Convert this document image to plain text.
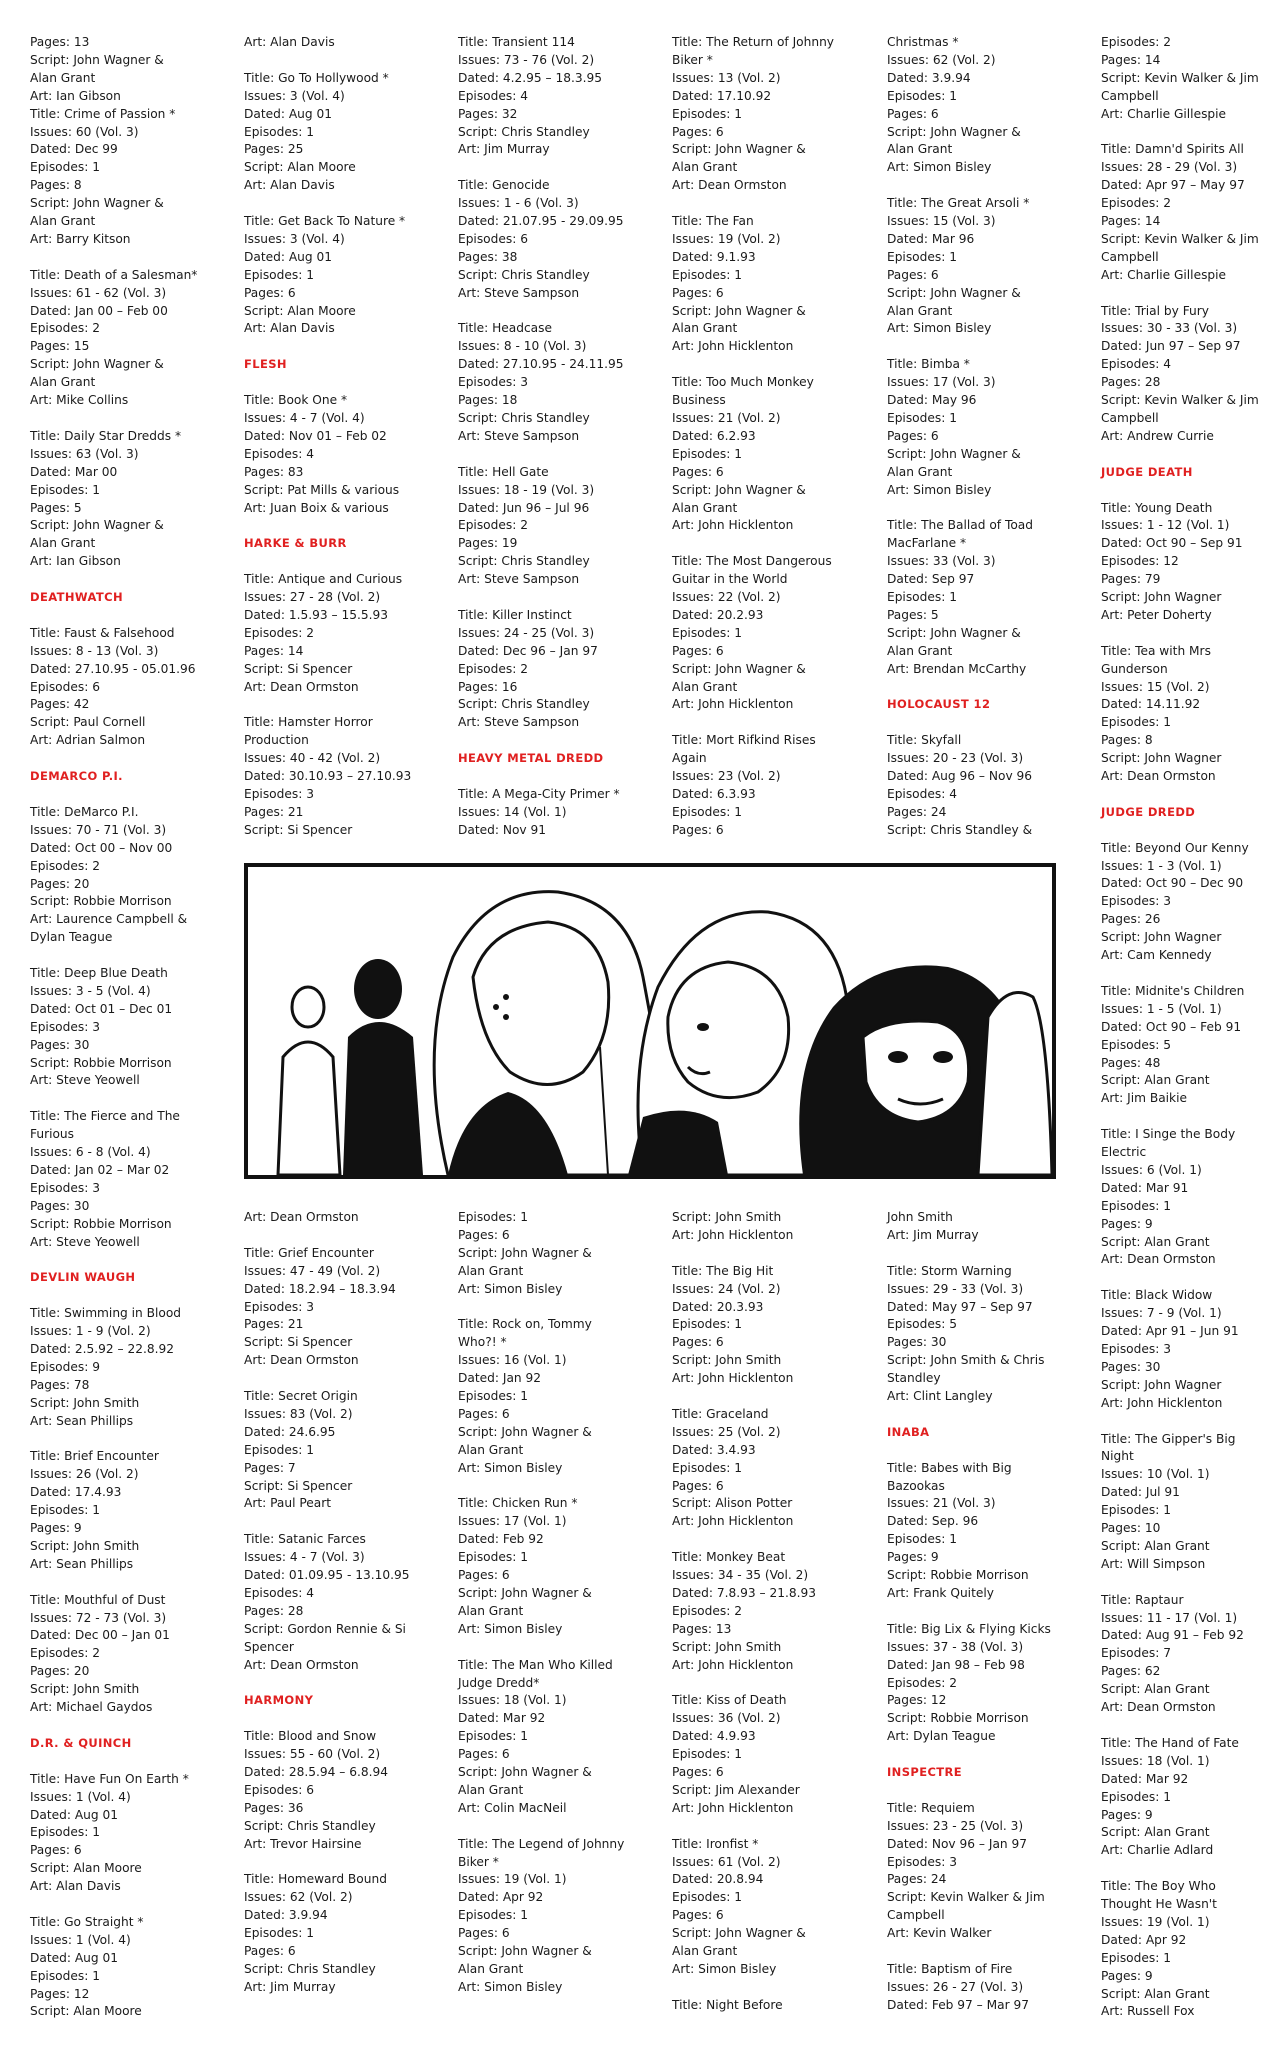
Pages: 13
Script: John Wagner &
Alan Grant
Art: Ian Gibson
Title: Crime of Passion *
Issues: 60 (Vol. 3)
Dated: Dec 99
Episodes: 1
Pages: 8
Script: John Wagner &
Alan Grant
Art: Barry Kitson
Title: Death of a Salesman*
Issues: 61 - 62 (Vol. 3)
Dated: Jan 00 – Feb 00
Episodes: 2
Pages: 15
Script: John Wagner &
Alan Grant
Art: Mike Collins
Title: Daily Star Dredds *
Issues: 63 (Vol. 3)
Dated: Mar 00
Episodes: 1
Pages: 5
Script: John Wagner &
Alan Grant
Art: Ian Gibson
DEATHWATCH
Title: Faust & Falsehood
Issues: 8 - 13 (Vol. 3)
Dated: 27.10.95 - 05.01.96
Episodes: 6
Pages: 42
Script: Paul Cornell
Art: Adrian Salmon
DEMARCO P.I.
Title: DeMarco P.I.
Issues: 70 - 71 (Vol. 3)
Dated: Oct 00 – Nov 00
Episodes: 2
Pages: 20
Script: Robbie Morrison
Art: Laurence Campbell &
Dylan Teague
Title: Deep Blue Death
Issues: 3 - 5 (Vol. 4)
Dated: Oct 01 – Dec 01
Episodes: 3
Pages: 30
Script: Robbie Morrison
Art: Steve Yeowell
Title: The Fierce and The
Furious
Issues: 6 - 8 (Vol. 4)
Dated: Jan 02 – Mar 02
Episodes: 3
Pages: 30
Script: Robbie Morrison
Art: Steve Yeowell
DEVLIN WAUGH
Title: Swimming in Blood
Issues: 1 - 9 (Vol. 2)
Dated: 2.5.92 – 22.8.92
Episodes: 9
Pages: 78
Script: John Smith
Art: Sean Phillips
Title: Brief Encounter
Issues: 26 (Vol. 2)
Dated: 17.4.93
Episodes: 1
Pages: 9
Script: John Smith
Art: Sean Phillips
Title: Mouthful of Dust
Issues: 72 - 73 (Vol. 3)
Dated: Dec 00 – Jan 01
Episodes: 2
Pages: 20
Script: John Smith
Art: Michael Gaydos
D.R. & QUINCH
Title: Have Fun On Earth *
Issues: 1 (Vol. 4)
Dated: Aug 01
Episodes: 1
Pages: 6
Script: Alan Moore
Art: Alan Davis
Title: Go Straight *
Issues: 1 (Vol. 4)
Dated: Aug 01
Episodes: 1
Pages: 12
Script: Alan Moore
Art: Alan Davis
Title: Go To Hollywood *
Issues: 3 (Vol. 4)
Dated: Aug 01
Episodes: 1
Pages: 25
Script: Alan Moore
Art: Alan Davis
Title: Get Back To Nature *
Issues: 3 (Vol. 4)
Dated: Aug 01
Episodes: 1
Pages: 6
Script: Alan Moore
Art: Alan Davis
FLESH
Title: Book One *
Issues: 4 - 7 (Vol. 4)
Dated: Nov 01 – Feb 02
Episodes: 4
Pages: 83
Script: Pat Mills & various
Art: Juan Boix & various
HARKE & BURR
Title: Antique and Curious
Issues: 27 - 28 (Vol. 2)
Dated: 1.5.93 – 15.5.93
Episodes: 2
Pages: 14
Script: Si Spencer
Art: Dean Ormston
Title: Hamster Horror
Production
Issues: 40 - 42 (Vol. 2)
Dated: 30.10.93 – 27.10.93
Episodes: 3
Pages: 21
Script: Si Spencer
Title: Transient 114
Issues: 73 - 76 (Vol. 2)
Dated: 4.2.95 – 18.3.95
Episodes: 4
Pages: 32
Script: Chris Standley
Art: Jim Murray
Title: Genocide
Issues: 1 - 6 (Vol. 3)
Dated: 21.07.95 - 29.09.95
Episodes: 6
Pages: 38
Script: Chris Standley
Art: Steve Sampson
Title: Headcase
Issues: 8 - 10 (Vol. 3)
Dated: 27.10.95 - 24.11.95
Episodes: 3
Pages: 18
Script: Chris Standley
Art: Steve Sampson
Title: Hell Gate
Issues: 18 - 19 (Vol. 3)
Dated: Jun 96 – Jul 96
Episodes: 2
Pages: 19
Script: Chris Standley
Art: Steve Sampson
Title: Killer Instinct
Issues: 24 - 25 (Vol. 3)
Dated: Dec 96 – Jan 97
Episodes: 2
Pages: 16
Script: Chris Standley
Art: Steve Sampson
HEAVY METAL DREDD
Title: A Mega-City Primer *
Issues: 14 (Vol. 1)
Dated: Nov 91
Title: The Return of Johnny
Biker *
Issues: 13 (Vol. 2)
Dated: 17.10.92
Episodes: 1
Pages: 6
Script: John Wagner &
Alan Grant
Art: Dean Ormston
Title: The Fan
Issues: 19 (Vol. 2)
Dated: 9.1.93
Episodes: 1
Pages: 6
Script: John Wagner &
Alan Grant
Art: John Hicklenton
Title: Too Much Monkey
Business
Issues: 21 (Vol. 2)
Dated: 6.2.93
Episodes: 1
Pages: 6
Script: John Wagner &
Alan Grant
Art: John Hicklenton
Title: The Most Dangerous
Guitar in the World
Issues: 22 (Vol. 2)
Dated: 20.2.93
Episodes: 1
Pages: 6
Script: John Wagner &
Alan Grant
Art: John Hicklenton
Title: Mort Rifkind Rises
Again
Issues: 23 (Vol. 2)
Dated: 6.3.93
Episodes: 1
Pages: 6
Christmas *
Issues: 62 (Vol. 2)
Dated: 3.9.94
Episodes: 1
Pages: 6
Script: John Wagner &
Alan Grant
Art: Simon Bisley
Title: The Great Arsoli *
Issues: 15 (Vol. 3)
Dated: Mar 96
Episodes: 1
Pages: 6
Script: John Wagner &
Alan Grant
Art: Simon Bisley
Title: Bimba *
Issues: 17 (Vol. 3)
Dated: May 96
Episodes: 1
Pages: 6
Script: John Wagner &
Alan Grant
Art: Simon Bisley
Title: The Ballad of Toad
MacFarlane *
Issues: 33 (Vol. 3)
Dated: Sep 97
Episodes: 1
Pages: 5
Script: John Wagner &
Alan Grant
Art: Brendan McCarthy
HOLOCAUST 12
Title: Skyfall
Issues: 20 - 23 (Vol. 3)
Dated: Aug 96 – Nov 96
Episodes: 4
Pages: 24
Script: Chris Standley &
Episodes: 2
Pages: 14
Script: Kevin Walker & Jim
Campbell
Art: Charlie Gillespie
Title: Damn'd Spirits All
Issues: 28 - 29 (Vol. 3)
Dated: Apr 97 – May 97
Episodes: 2
Pages: 14
Script: Kevin Walker & Jim
Campbell
Art: Charlie Gillespie
Title: Trial by Fury
Issues: 30 - 33 (Vol. 3)
Dated: Jun 97 – Sep 97
Episodes: 4
Pages: 28
Script: Kevin Walker & Jim
Campbell
Art: Andrew Currie
JUDGE DEATH
Title: Young Death
Issues: 1 - 12 (Vol. 1)
Dated: Oct 90 – Sep 91
Episodes: 12
Pages: 79
Script: John Wagner
Art: Peter Doherty
Title: Tea with Mrs
Gunderson
Issues: 15 (Vol. 2)
Dated: 14.11.92
Episodes: 1
Pages: 8
Script: John Wagner
Art: Dean Ormston
JUDGE DREDD
Title: Beyond Our Kenny
Issues: 1 - 3 (Vol. 1)
Dated: Oct 90 – Dec 90
Episodes: 3
Pages: 26
Script: John Wagner
Art: Cam Kennedy
Title: Midnite's Children
Issues: 1 - 5 (Vol. 1)
Dated: Oct 90 – Feb 91
Episodes: 5
Pages: 48
Script: Alan Grant
Art: Jim Baikie
Title: I Singe the Body
Electric
Issues: 6 (Vol. 1)
Dated: Mar 91
Episodes: 1
Pages: 9
Script: Alan Grant
Art: Dean Ormston
Title: Black Widow
Issues: 7 - 9 (Vol. 1)
Dated: Apr 91 – Jun 91
Episodes: 3
Pages: 30
Script: John Wagner
Art: John Hicklenton
Title: The Gipper's Big
Night
Issues: 10 (Vol. 1)
Dated: Jul 91
Episodes: 1
Pages: 10
Script: Alan Grant
Art: Will Simpson
Title: Raptaur
Issues: 11 - 17 (Vol. 1)
Dated: Aug 91 – Feb 92
Episodes: 7
Pages: 62
Script: Alan Grant
Art: Dean Ormston
Title: The Hand of Fate
Issues: 18 (Vol. 1)
Dated: Mar 92
Episodes: 1
Pages: 9
Script: Alan Grant
Art: Charlie Adlard
Title: The Boy Who
Thought He Wasn't
Issues: 19 (Vol. 1)
Dated: Apr 92
Episodes: 1
Pages: 9
Script: Alan Grant
Art: Russell Fox
Art: Dean Ormston
Title: Grief Encounter
Issues: 47 - 49 (Vol. 2)
Dated: 18.2.94 – 18.3.94
Episodes: 3
Pages: 21
Script: Si Spencer
Art: Dean Ormston
Title: Secret Origin
Issues: 83 (Vol. 2)
Dated: 24.6.95
Episodes: 1
Pages: 7
Script: Si Spencer
Art: Paul Peart
Title: Satanic Farces
Issues: 4 - 7 (Vol. 3)
Dated: 01.09.95 - 13.10.95
Episodes: 4
Pages: 28
Script: Gordon Rennie & Si
Spencer
Art: Dean Ormston
HARMONY
Title: Blood and Snow
Issues: 55 - 60 (Vol. 2)
Dated: 28.5.94 – 6.8.94
Episodes: 6
Pages: 36
Script: Chris Standley
Art: Trevor Hairsine
Title: Homeward Bound
Issues: 62 (Vol. 2)
Dated: 3.9.94
Episodes: 1
Pages: 6
Script: Chris Standley
Art: Jim Murray
Episodes: 1
Pages: 6
Script: John Wagner &
Alan Grant
Art: Simon Bisley
Title: Rock on, Tommy
Who?! *
Issues: 16 (Vol. 1)
Dated: Jan 92
Episodes: 1
Pages: 6
Script: John Wagner &
Alan Grant
Art: Simon Bisley
Title: Chicken Run *
Issues: 17 (Vol. 1)
Dated: Feb 92
Episodes: 1
Pages: 6
Script: John Wagner &
Alan Grant
Art: Simon Bisley
Title: The Man Who Killed
Judge Dredd*
Issues: 18 (Vol. 1)
Dated: Mar 92
Episodes: 1
Pages: 6
Script: John Wagner &
Alan Grant
Art: Colin MacNeil
Title: The Legend of Johnny
Biker *
Issues: 19 (Vol. 1)
Dated: Apr 92
Episodes: 1
Pages: 6
Script: John Wagner &
Alan Grant
Art: Simon Bisley
Script: John Smith
Art: John Hicklenton
Title: The Big Hit
Issues: 24 (Vol. 2)
Dated: 20.3.93
Episodes: 1
Pages: 6
Script: John Smith
Art: John Hicklenton
Title: Graceland
Issues: 25 (Vol. 2)
Dated: 3.4.93
Episodes: 1
Pages: 6
Script: Alison Potter
Art: John Hicklenton
Title: Monkey Beat
Issues: 34 - 35 (Vol. 2)
Dated: 7.8.93 – 21.8.93
Episodes: 2
Pages: 13
Script: John Smith
Art: John Hicklenton
Title: Kiss of Death
Issues: 36 (Vol. 2)
Dated: 4.9.93
Episodes: 1
Pages: 6
Script: Jim Alexander
Art: John Hicklenton
Title: Ironfist *
Issues: 61 (Vol. 2)
Dated: 20.8.94
Episodes: 1
Pages: 6
Script: John Wagner &
Alan Grant
Art: Simon Bisley
Title: Night Before
John Smith
Art: Jim Murray
Title: Storm Warning
Issues: 29 - 33 (Vol. 3)
Dated: May 97 – Sep 97
Episodes: 5
Pages: 30
Script: John Smith & Chris
Standley
Art: Clint Langley
INABA
Title: Babes with Big
Bazookas
Issues: 21 (Vol. 3)
Dated: Sep. 96
Episodes: 1
Pages: 9
Script: Robbie Morrison
Art: Frank Quitely
Title: Big Lix & Flying Kicks
Issues: 37 - 38 (Vol. 3)
Dated: Jan 98 – Feb 98
Episodes: 2
Pages: 12
Script: Robbie Morrison
Art: Dylan Teague
INSPECTRE
Title: Requiem
Issues: 23 - 25 (Vol. 3)
Dated: Nov 96 – Jan 97
Episodes: 3
Pages: 24
Script: Kevin Walker & Jim
Campbell
Art: Kevin Walker
Title: Baptism of Fire
Issues: 26 - 27 (Vol. 3)
Dated: Feb 97 – Mar 97
